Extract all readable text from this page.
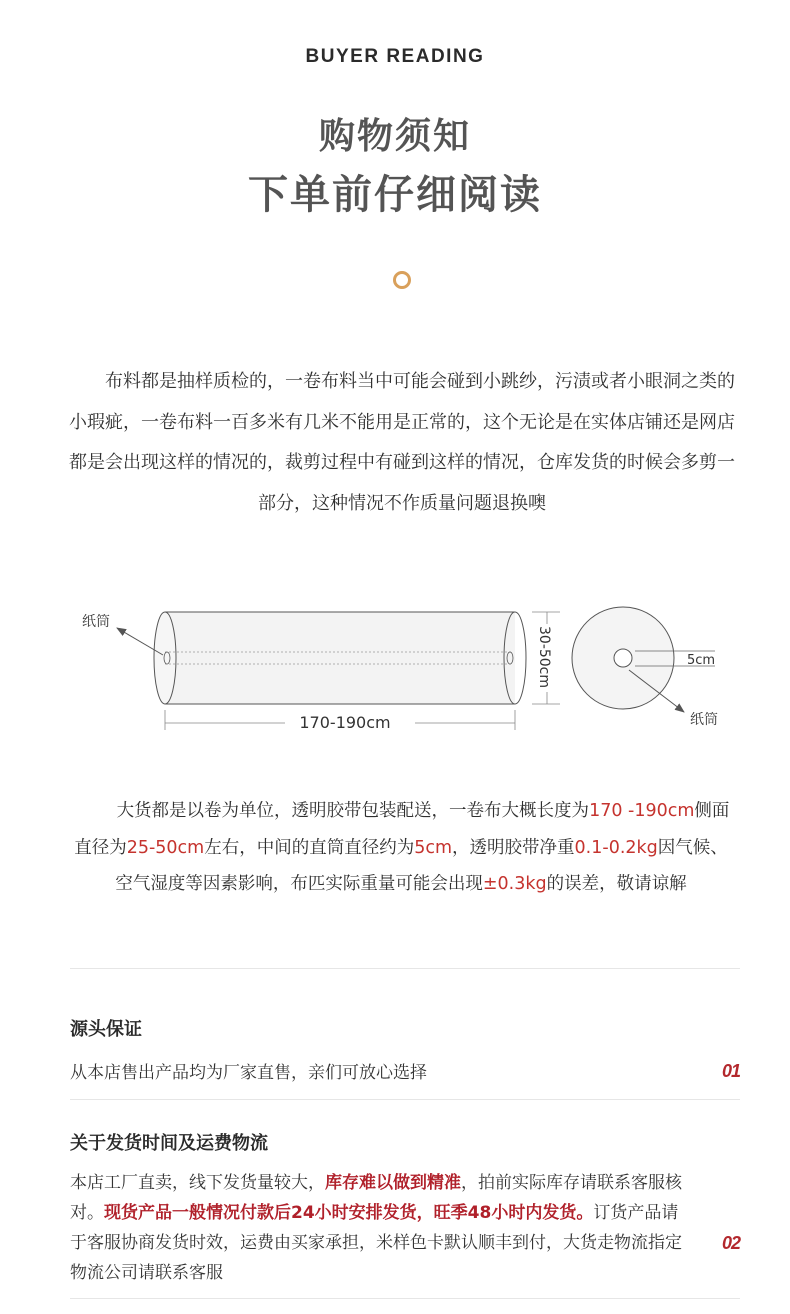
BUYER READING
购物须知
下单前仔细阅读
布料都是抽样质检的，一卷布料当中可能会碰到小跳纱，污渍或者小眼洞之类的小瑕疵，一卷布料一百多米有几米不能用是正常的，这个无论是在实体店铺还是网店都是会出现这样的情况的，裁剪过程中有碰到这样的情况，仓库发货的时候会多剪一部分，这种情况不作质量问题退换噢
纸筒
170-190cm
30-50cm	5cm
纸筒
大货都是以卷为单位，透明胶带包装配送，一卷布大概长度为170 -190cm侧面直径为25-50cm左右，中间的直筒直径约为5cm，透明胶带净重0.1-0.2kg因气候、空气湿度等因素影响，布匹实际重量可能会出现±0.3kg的误差，敬请谅解
源头保证
从本店售出产品均为厂家直售，亲们可放心选择	01
关于发货时间及运费物流
本店工厂直卖，线下发货量较大，库存难以做到精准，拍前实际库存请联系客服核对。现货产品一般情况付款后24小时安排发货，旺季48小时内发货。订货产品请于客服协商发货时效，运费由买家承担，米样色卡默认顺丰到付，大货走物流指定物流公司请联系客服
02
